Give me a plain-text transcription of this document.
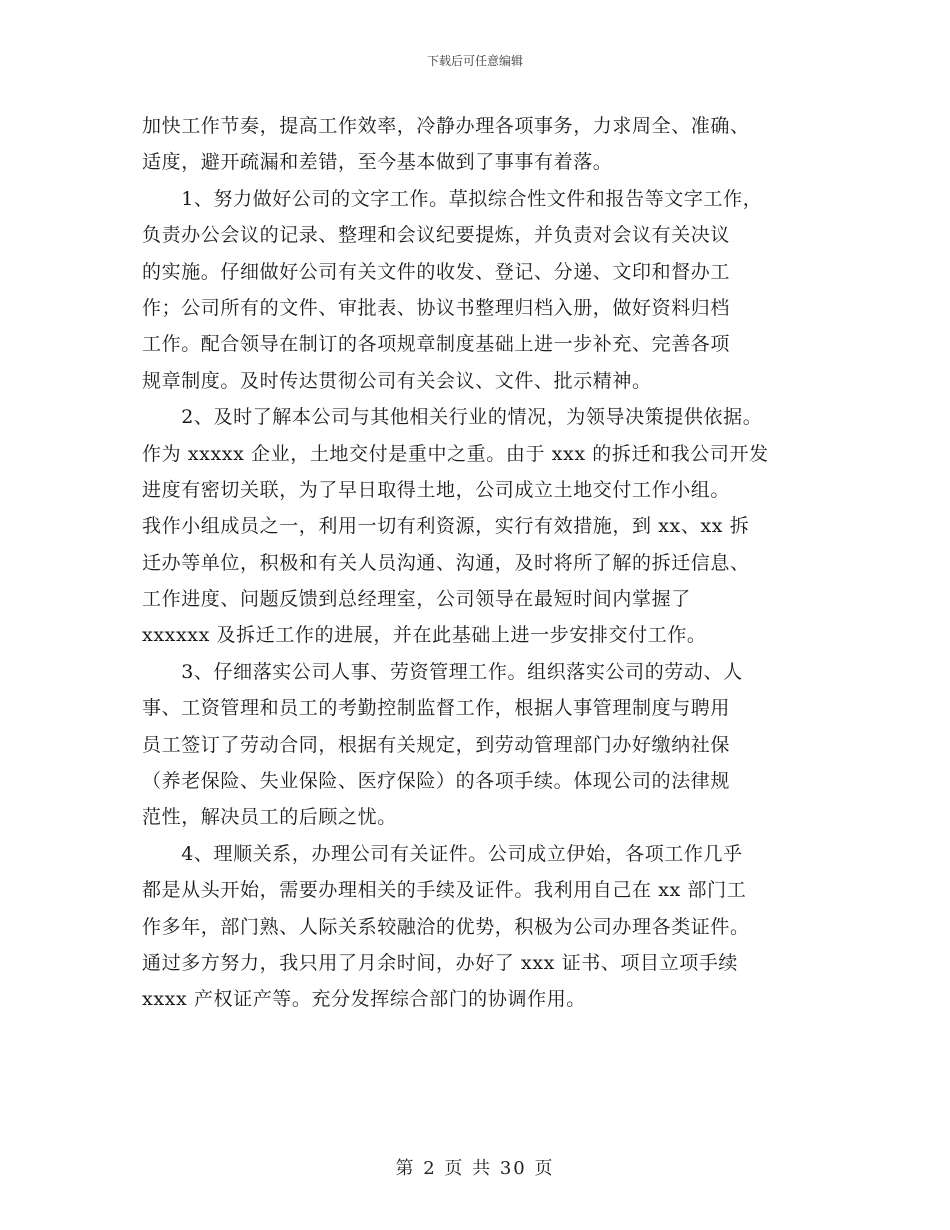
下载后可任意编辑
加快工作节奏，提高工作效率，冷静办理各项事务，力求周全、准确、
适度，避开疏漏和差错，至今基本做到了事事有着落。
　　1、努力做好公司的文字工作。草拟综合性文件和报告等文字工作，
负责办公会议的记录、整理和会议纪要提炼，并负责对会议有关决议
的实施。仔细做好公司有关文件的收发、登记、分递、文印和督办工
作；公司所有的文件、审批表、协议书整理归档入册，做好资料归档
工作。配合领导在制订的各项规章制度基础上进一步补充、完善各项
规章制度。及时传达贯彻公司有关会议、文件、批示精神。
　　2、及时了解本公司与其他相关行业的情况，为领导决策提供依据。
作为 xxxxx 企业，土地交付是重中之重。由于 xxx 的拆迁和我公司开发
进度有密切关联，为了早日取得土地，公司成立土地交付工作小组。
我作小组成员之一，利用一切有利资源，实行有效措施，到 xx、xx 拆
迁办等单位，积极和有关人员沟通、沟通，及时将所了解的拆迁信息、
工作进度、问题反馈到总经理室，公司领导在最短时间内掌握了
xxxxxx 及拆迁工作的进展，并在此基础上进一步安排交付工作。
　　3、仔细落实公司人事、劳资管理工作。组织落实公司的劳动、人
事、工资管理和员工的考勤控制监督工作，根据人事管理制度与聘用
员工签订了劳动合同，根据有关规定，到劳动管理部门办好缴纳社保
（养老保险、失业保险、医疗保险）的各项手续。体现公司的法律规
范性，解决员工的后顾之忧。
　　4、理顺关系，办理公司有关证件。公司成立伊始，各项工作几乎
都是从头开始，需要办理相关的手续及证件。我利用自己在 xx 部门工
作多年，部门熟、人际关系较融洽的优势，积极为公司办理各类证件。
通过多方努力，我只用了月余时间，办好了 xxx 证书、项目立项手续
xxxx 产权证产等。充分发挥综合部门的协调作用。
第 2 页 共 30 页
